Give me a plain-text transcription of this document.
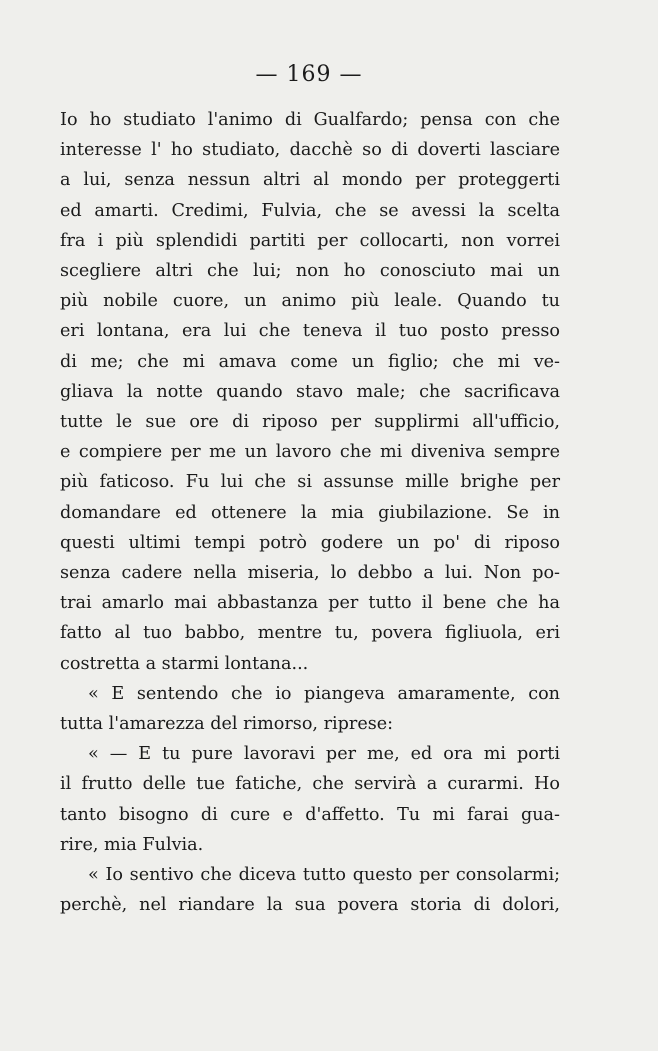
— 169 —
Io ho studiato l'animo di Gualfardo; pensa con che
interesse l' ho studiato, dacchè so di doverti lasciare
a lui, senza nessun altri al mondo per proteggerti
ed amarti. Credimi, Fulvia, che se avessi la scelta
fra i più splendidi partiti per collocarti, non vorrei
scegliere altri che lui; non ho conosciuto mai un
più nobile cuore, un animo più leale. Quando tu
eri lontana, era lui che teneva il tuo posto presso
di me; che mi amava come un figlio; che mi ve-
gliava la notte quando stavo male; che sacrificava
tutte le sue ore di riposo per supplirmi all'ufficio,
e compiere per me un lavoro che mi diveniva sempre
più faticoso. Fu lui che si assunse mille brighe per
domandare ed ottenere la mia giubilazione. Se in
questi ultimi tempi potrò godere un po' di riposo
senza cadere nella miseria, lo debbo a lui. Non po-
trai amarlo mai abbastanza per tutto il bene che ha
fatto al tuo babbo, mentre tu, povera figliuola, eri
costretta a starmi lontana...
« E sentendo che io piangeva amaramente, con
tutta l'amarezza del rimorso, riprese:
« — E tu pure lavoravi per me, ed ora mi porti
il frutto delle tue fatiche, che servirà a curarmi. Ho
tanto bisogno di cure e d'affetto. Tu mi farai gua-
rire, mia Fulvia.
« Io sentivo che diceva tutto questo per consolarmi;
perchè, nel riandare la sua povera storia di dolori,
